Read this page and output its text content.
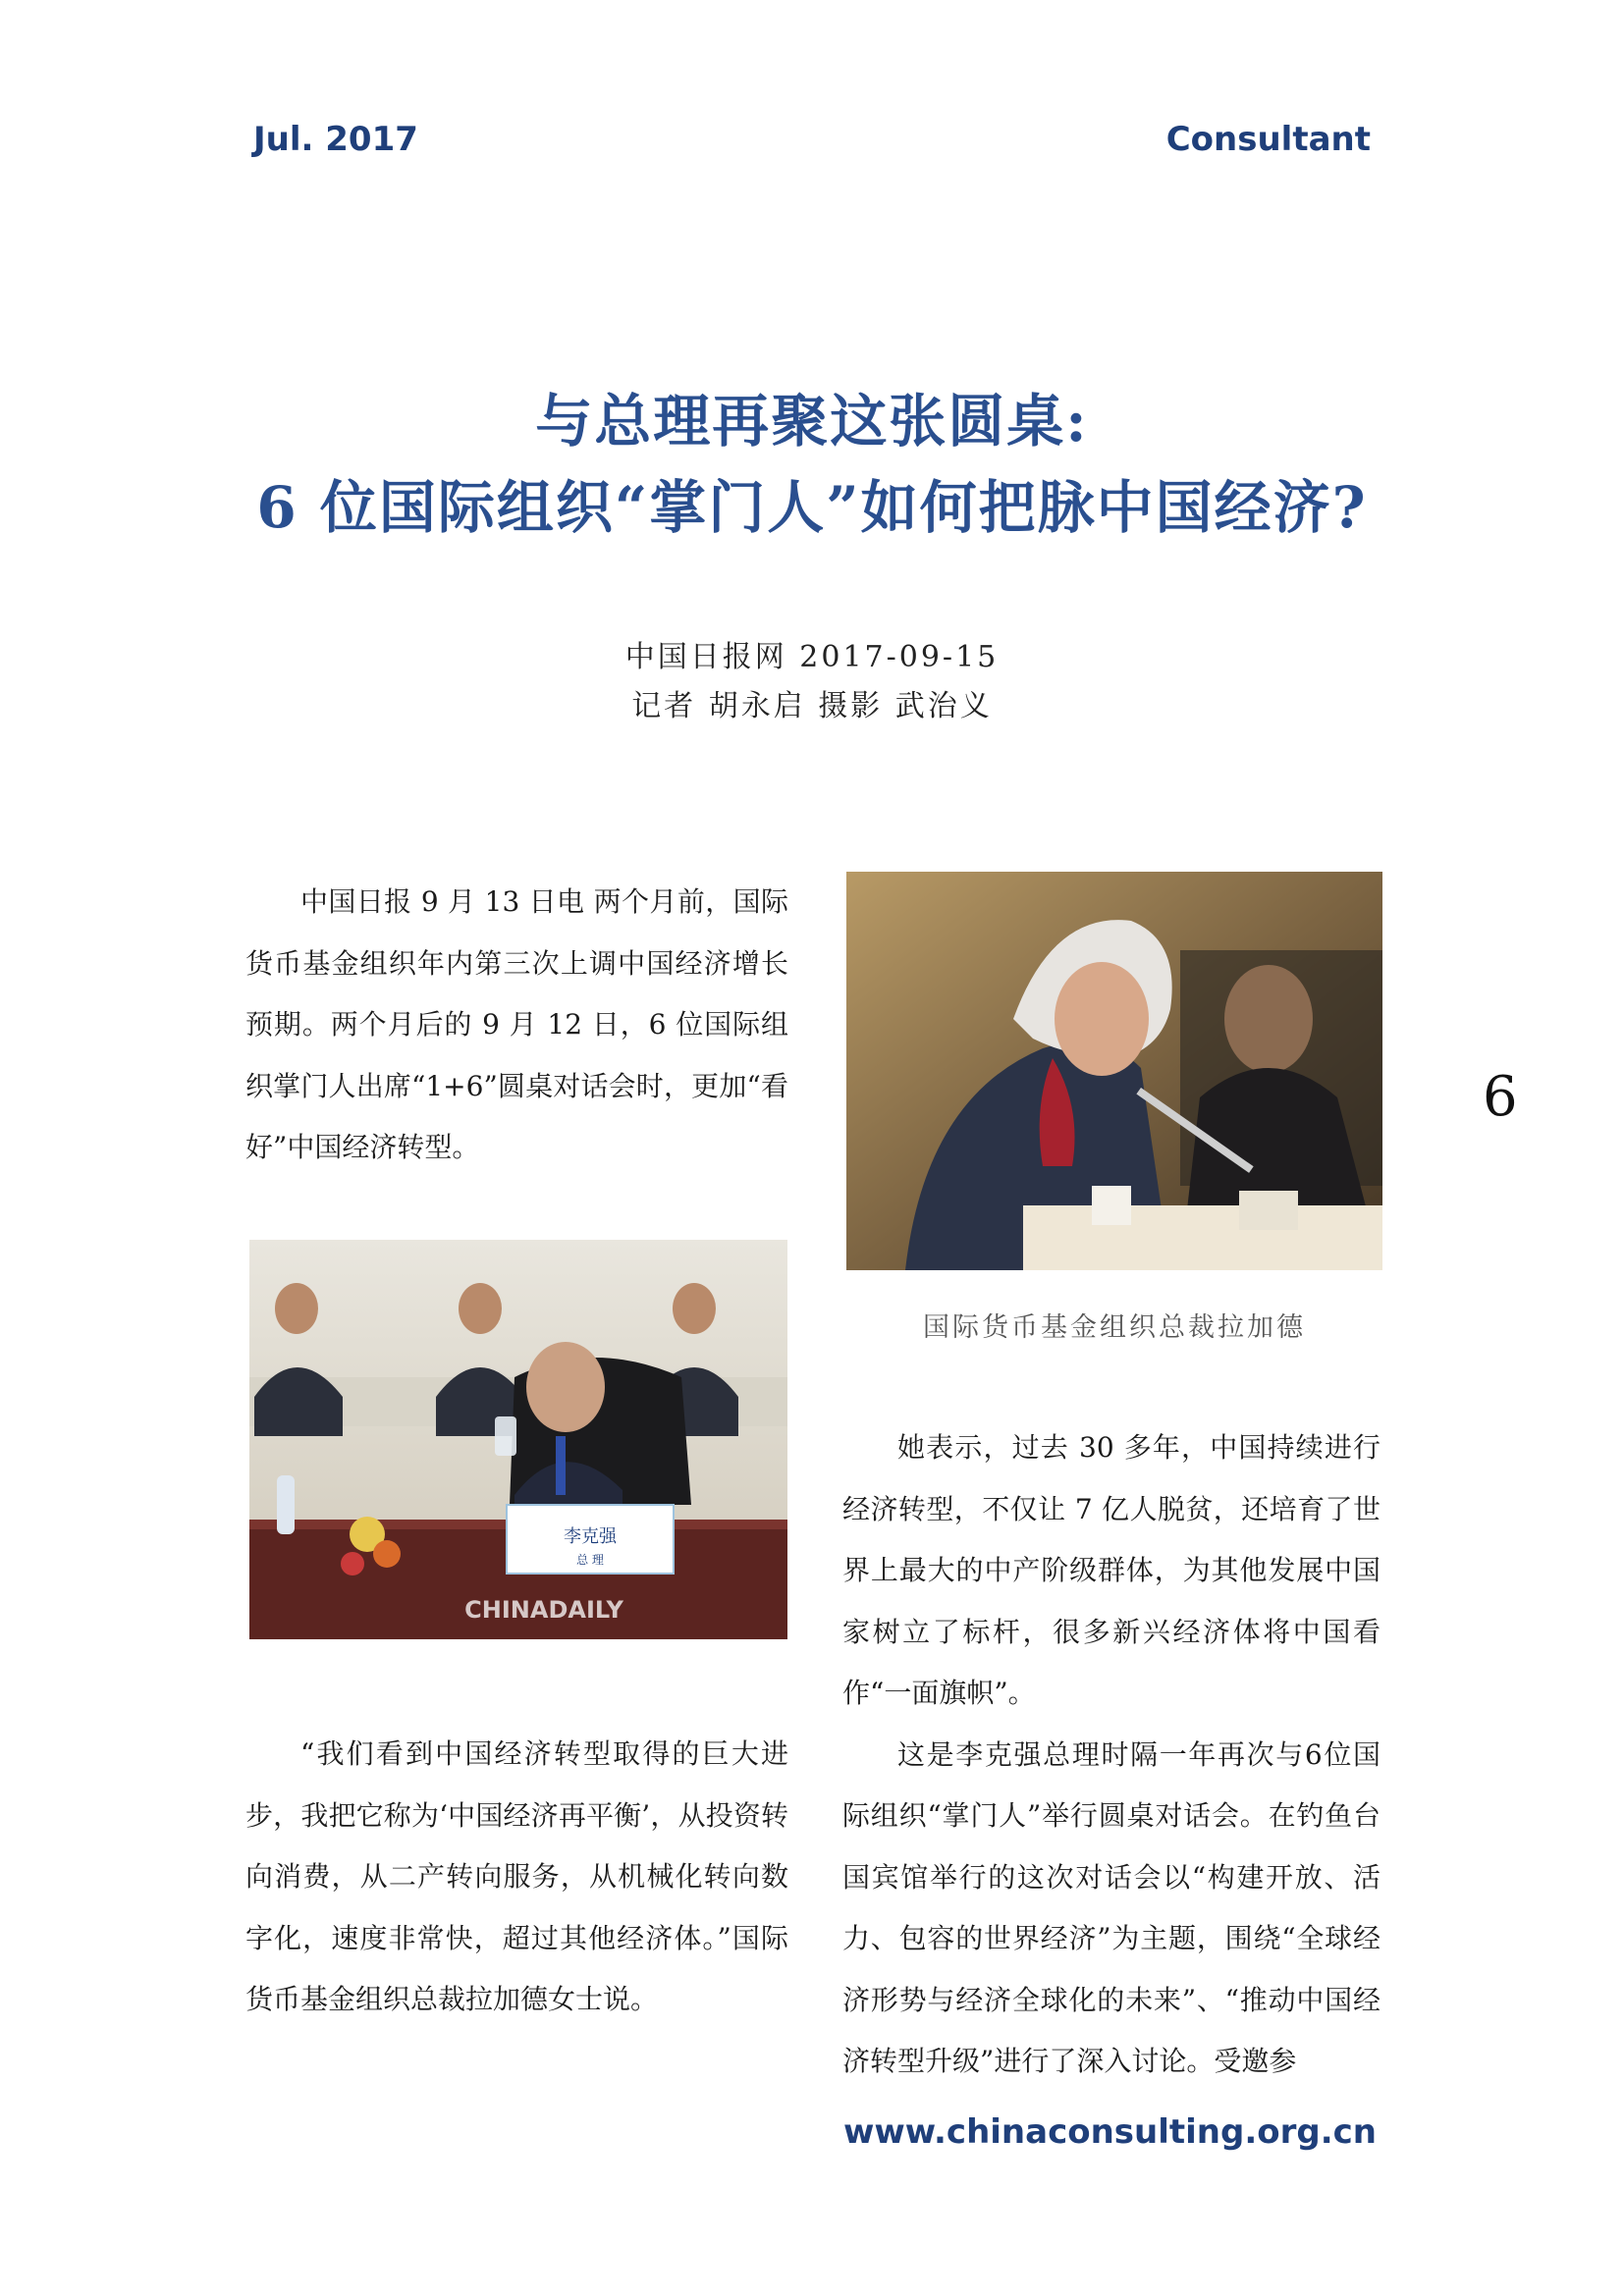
Jul. 2017	Consultant
与总理再聚这张圆桌:
6 位国际组织“掌门人”如何把脉中国经济?
中国日报网 2017-09-15
记者 胡永启 摄影 武治义

中国日报 9 月 13 日电 两个月前，国际货币基金组织年内第三次上调中国经济增长预期。两个月后的 9 月 12 日，6 位国际组织掌门人出席“1+6”圆桌对话会时，更加“看好”中国经济转型。

国际货币基金组织总裁拉加德
6
李克强
总 理
CHINADAILY

“我们看到中国经济转型取得的巨大进步，我把它称为‘中国经济再平衡’，从投资转向消费，从二产转向服务，从机械化转向数字化，速度非常快，超过其他经济体。”国际货币基金组织总裁拉加德女士说。

她表示，过去 30 多年，中国持续进行经济转型，不仅让 7 亿人脱贫，还培育了世界上最大的中产阶级群体，为其他发展中国家树立了标杆，很多新兴经济体将中国看作“一面旗帜”。

这是李克强总理时隔一年再次与6位国际组织“掌门人”举行圆桌对话会。在钓鱼台国宾馆举行的这次对话会以“构建开放、活力、包容的世界经济”为主题，围绕“全球经济形势与经济全球化的未来”、“推动中国经济转型升级”进行了深入讨论。受邀参

www.chinaconsulting.org.cn
